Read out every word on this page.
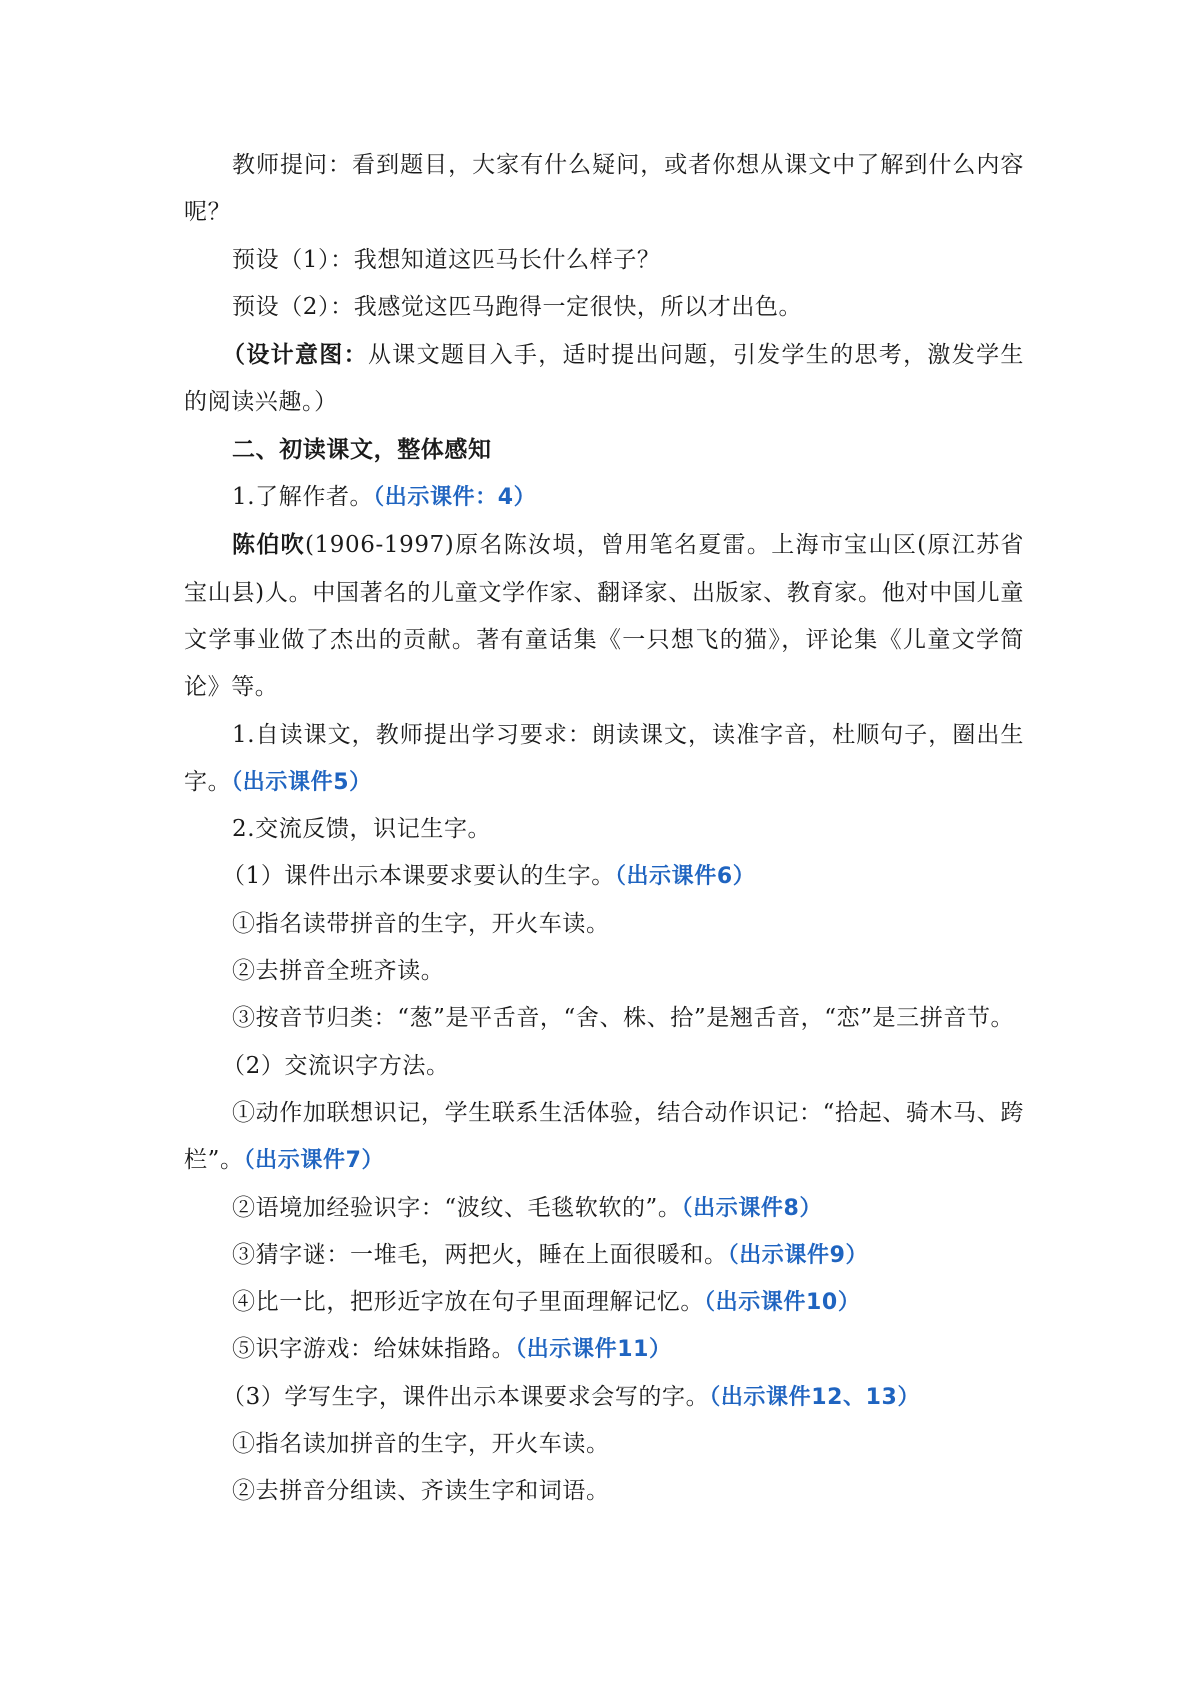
教师提问：看到题目，大家有什么疑问，或者你想从课文中了解到什么内容呢？

预设（1）：我想知道这匹马长什么样子？

预设（2）：我感觉这匹马跑得一定很快，所以才出色。

（设计意图：从课文题目入手，适时提出问题，引发学生的思考，激发学生的阅读兴趣。）

二、初读课文，整体感知

1.了解作者。（出示课件：4）

陈伯吹(1906-1997)原名陈汝埙，曾用笔名夏雷。上海市宝山区(原江苏省宝山县)人。中国著名的儿童文学作家、翻译家、出版家、教育家。他对中国儿童文学事业做了杰出的贡献。著有童话集《一只想飞的猫》，评论集《儿童文学简论》等。

1.自读课文，教师提出学习要求：朗读课文，读准字音，杜顺句子，圈出生字。（出示课件5）

2.交流反馈，识记生字。

（1）课件出示本课要求要认的生字。（出示课件6）

①指名读带拼音的生字，开火车读。

②去拼音全班齐读。

③按音节归类：“葱”是平舌音，“舍、株、拾”是翘舌音，“恋”是三拼音节。

（2）交流识字方法。

①动作加联想识记，学生联系生活体验，结合动作识记：“拾起、骑木马、跨栏”。（出示课件7）

②语境加经验识字：“波纹、毛毯软软的”。（出示课件8）

③猜字谜：一堆毛，两把火，睡在上面很暖和。（出示课件9）

④比一比，把形近字放在句子里面理解记忆。（出示课件10）

⑤识字游戏：给妹妹指路。（出示课件11）

（3）学写生字，课件出示本课要求会写的字。（出示课件12、13）

①指名读加拼音的生字，开火车读。

②去拼音分组读、齐读生字和词语。
